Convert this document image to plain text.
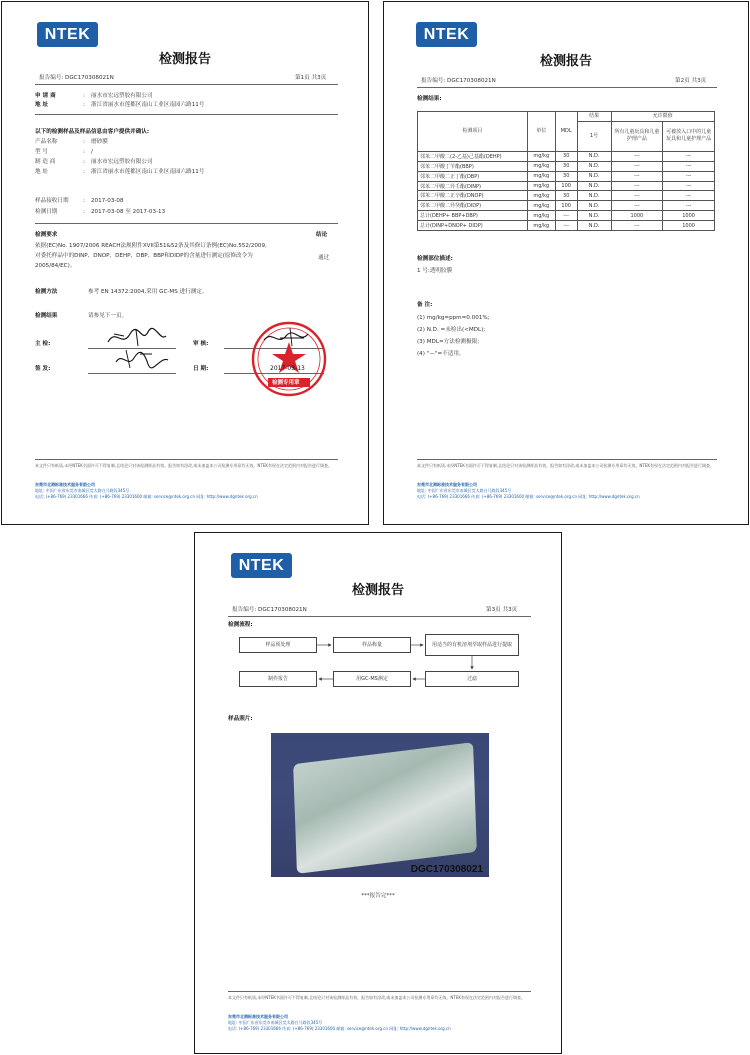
NTEK
检测报告
报告编号: DGC170308021N	第1页 共3页
申 请 商	:	丽水市宏远塑胶有限公司
地 址	:	浙江省丽水市莲都区南山工业区南园六路11号
以下的检测样品及样品信息由客户提供并确认:
产品名称	:	磨砂膜
型 号	:	/
制 造 商	:	丽水市宏远塑胶有限公司
地 址	:	浙江省丽水市莲都区南山工业区南园六路11号
样品接收日期	:	2017-03-08
检测日期	:	2017-03-08 至 2017-03-13
检测要求	结论
依据(EC)No. 1907/2006 REACH法规附件XVII第51&52条及其修订条例(EC)No.552/2009,
对委托样品中的DINP、DNOP、DEHP、DBP、BBP和DIDP的含量进行测定(原修改令为
2005/84/EC)。
通过
检测方法	参考 EN 14372:2004,采用 GC-MS 进行测定。
检测结果	请参见下一页。
主 检:	审 核:
签 发:	日 期:	2017-03-13
检测专用章
本文件只有纸质,未经NTEK书面许可不得复制,且结论只对该检测样品有效。报告如有涂改,或未加盖本公司检测专用章均无效。NTEK有权在法定范围内对报告进行调查。
东莞市北测标准技术服务有限公司
地址: 中国广东省东莞市南城区莞太路白马路段345号
电话: (+86-769) 23301666 传真: (+86-769) 23301600 邮箱: service@ntek.org.cn 网址: http://www.dgntek.org.cn
NTEK
检测报告
报告编号: DGC170308021N	第2页 共3页
检测结果:
检测项目	单位	MDL	结果	允许限值	
			1号	所有儿童玩具和儿童护理产品	可被放入口中的儿童玩具和儿童护理产品
邻苯二甲酸二(2-乙基)己基酯(DEHP)	mg/kg	30	N.D.	---	---
邻苯二甲酸丁苄酯(BBP)	mg/kg	30	N.D.	---	---
邻苯二甲酸二正丁酯(DBP)	mg/kg	30	N.D.	---	---
邻苯二甲酸二异壬酯(DINP)	mg/kg	100	N.D.	---	---
邻苯二甲酸二正辛酯(DNOP)	mg/kg	30	N.D.	---	---
邻苯二甲酸二异癸酯(DIDP)	mg/kg	100	N.D.	---	---
总计(DEHP+ BBP+DBP)	mg/kg	---	N.D.	1000	1000
总计(DINP+DNOP+ DIDP)	mg/kg	---	N.D.	---	1000
检测部位描述:
1 号:透明胶膜
备 注:
(1) mg/kg=ppm=0.001%;
(2) N.D. =未检出(<MDL);
(3) MDL=方法检测极限;
(4) "—"=不适用。
本文件只有纸质,未经NTEK书面许可不得复制,且结论只对该检测样品有效。报告如有涂改,或未加盖本公司检测专用章均无效。NTEK有权在法定范围内对报告进行调查。
东莞市北测标准技术服务有限公司
地址: 中国广东省东莞市南城区莞太路白马路段345号
电话: (+86-769) 23301666 传真: (+86-769) 23301600 邮箱: service@ntek.org.cn 网址: http://www.dgntek.org.cn
NTEK
检测报告
报告编号: DGC170308021N	第3页 共3页
检测流程:
样品预处理	样品称量	用适当的有机溶剂萃取样品进行提取
制作报告	用GC-MS测定	过滤
样品照片:
DGC170308021
***报告完***
本文件只有纸质,未经NTEK书面许可不得复制,且结论只对该检测样品有效。报告如有涂改,或未加盖本公司检测专用章均无效。NTEK有权在法定范围内对报告进行调查。
东莞市北测标准技术服务有限公司
地址: 中国广东省东莞市南城区莞太路白马路段345号
电话: (+86-769) 23301666 传真: (+86-769) 23301600 邮箱: service@ntek.org.cn 网址: http://www.dgntek.org.cn
